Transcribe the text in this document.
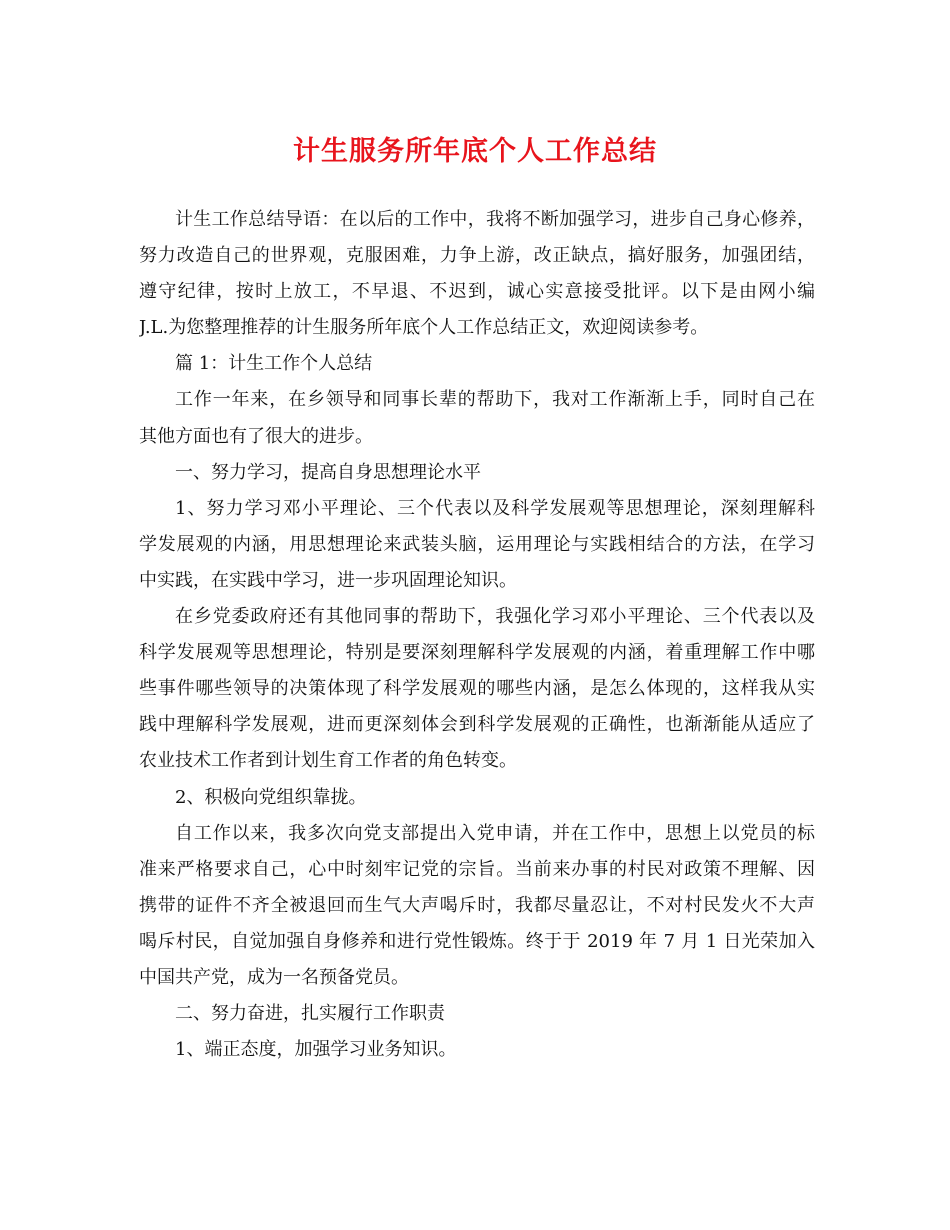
计生服务所年底个人工作总结
计生工作总结导语：在以后的工作中，我将不断加强学习，进步自己身心修养，
努力改造自己的世界观，克服困难，力争上游，改正缺点，搞好服务，加强团结，
遵守纪律，按时上放工，不早退、不迟到，诚心实意接受批评。以下是由网小编
J.L.为您整理推荐的计生服务所年底个人工作总结正文，欢迎阅读参考。
篇 1：计生工作个人总结
工作一年来，在乡领导和同事长辈的帮助下，我对工作渐渐上手，同时自己在
其他方面也有了很大的进步。
一、努力学习，提高自身思想理论水平
1、努力学习邓小平理论、三个代表以及科学发展观等思想理论，深刻理解科
学发展观的内涵，用思想理论来武装头脑，运用理论与实践相结合的方法，在学习
中实践，在实践中学习，进一步巩固理论知识。
在乡党委政府还有其他同事的帮助下，我强化学习邓小平理论、三个代表以及
科学发展观等思想理论，特别是要深刻理解科学发展观的内涵，着重理解工作中哪
些事件哪些领导的决策体现了科学发展观的哪些内涵，是怎么体现的，这样我从实
践中理解科学发展观，进而更深刻体会到科学发展观的正确性，也渐渐能从适应了
农业技术工作者到计划生育工作者的角色转变。
2、积极向党组织靠拢。
自工作以来，我多次向党支部提出入党申请，并在工作中，思想上以党员的标
准来严格要求自己，心中时刻牢记党的宗旨。当前来办事的村民对政策不理解、因
携带的证件不齐全被退回而生气大声喝斥时，我都尽量忍让，不对村民发火不大声
喝斥村民，自觉加强自身修养和进行党性锻炼。终于于 2019 年 7 月 1 日光荣加入
中国共产党，成为一名预备党员。
二、努力奋进，扎实履行工作职责
1、端正态度，加强学习业务知识。
